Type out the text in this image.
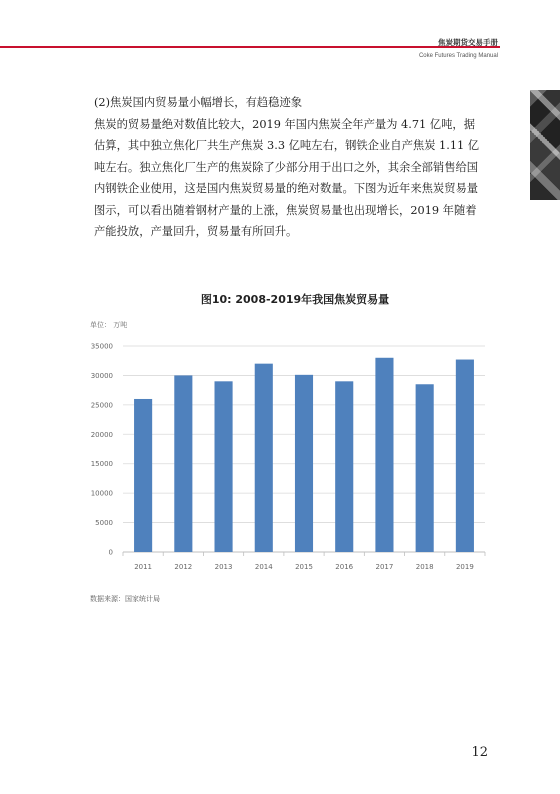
焦炭期货交易手册
Coke Futures Trading Manual

(2)焦炭国内贸易量小幅增长，有趋稳迹象

焦炭的贸易量绝对数值比较大，2019 年国内焦炭全年产量为 4.71 亿吨，据估算，其中独立焦化厂共生产焦炭 3.3 亿吨左右，钢铁企业自产焦炭 1.11 亿吨左右。独立焦化厂生产的焦炭除了少部分用于出口之外，其余全部销售给国内钢铁企业使用，这是国内焦炭贸易量的绝对数量。下图为近年来焦炭贸易量图示，可以看出随着钢材产量的上涨，焦炭贸易量也出现增长，2019 年随着产能投放，产量回升，贸易量有所回升。

图10: 2008-2019年我国焦炭贸易量
单位： 万吨
0
5000
10000
15000
20000
25000
30000
35000
2011	2012	2013	2014	2015	2016	2017	2018	2019
数据来源：国家统计局
12
